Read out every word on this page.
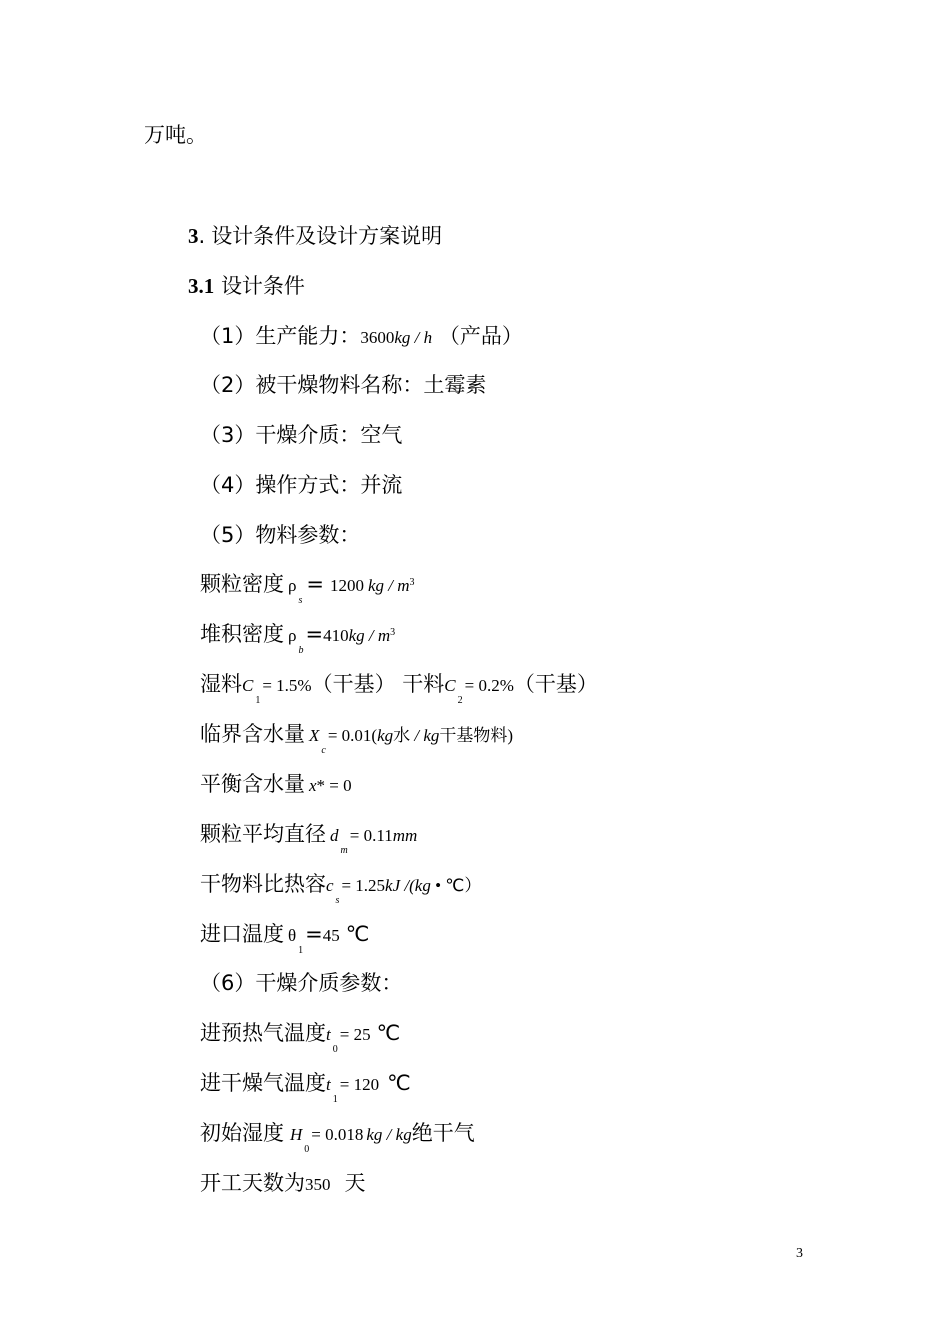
万吨。
3. 设计条件及设计方案说明
3.1 设计条件
（1）生产能力：3600kg / h （产品）
（2）被干燥物料名称：土霉素
（3）干燥介质：空气
（4）操作方式：并流
（5）物料参数：
颗粒密度 $\rho_s= 1200$ kg / $m^3$
堆积密度 $\rho_b=410kg / m^3$
湿料$C_1= 1.5\%$（干基） 干料$C_2= 0.2\%$（干基）
临界含水量 $X_c= 0.01(kg$水 / kg干基物料)
平衡含水量 x* = 0
颗粒平均直径 $d_m= 0.11mm$
干物料比热容$c_s= 1.25kJ$ /(kg • ℃）
进口温度 $\theta_1=45$ ℃
（6）干燥介质参数：
进预热气温度$t_0= 25$ ℃
进干燥气温度$t_1= 120$ ℃
初始湿度 $H_0= 0.018$ kg / kg绝干气
开工天数为350 天
3
